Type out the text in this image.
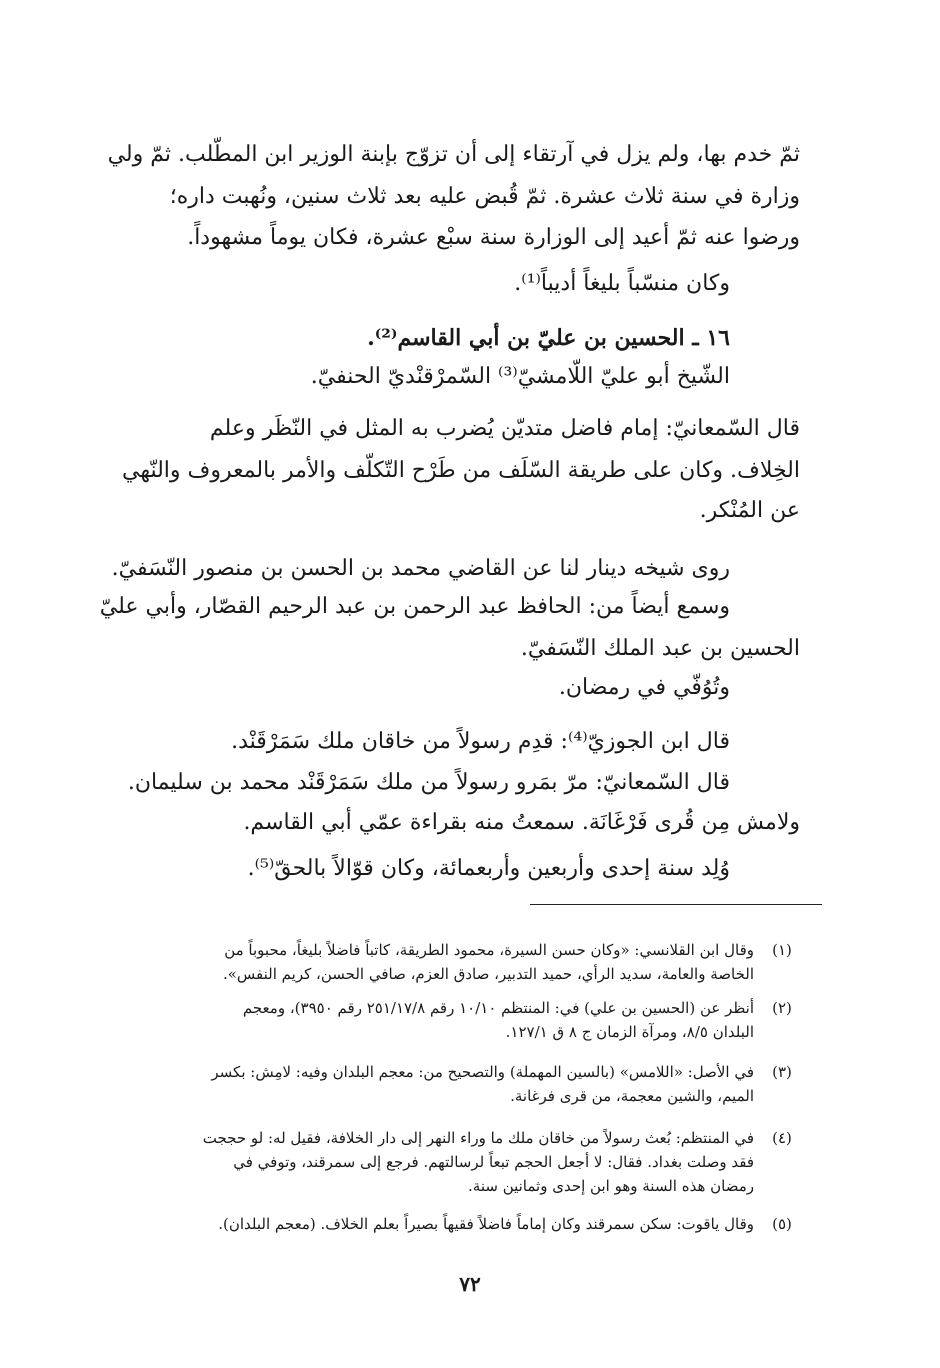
ثمّ خدم بها، ولم يزل في آرتقاء إلى أن تزوّج بإبنة الوزير ابن المطّلب. ثمّ ولي
وزارة في سنة ثلاث عشرة. ثمّ قُبض عليه بعد ثلاث سنين، ونُهبت داره؛
ورضوا عنه ثمّ أعيد إلى الوزارة سنة سبْع عشرة، فكان يوماً مشهوداً.
وكان منسّباً بليغاً أديباً⁽¹⁾.
١٦ ـ الحسين بن عليّ بن أبي القاسم⁽²⁾.
الشّيخ أبو عليّ اللّامشيّ⁽³⁾ السّمرْقنْديّ الحنفيّ.
قال السّمعانيّ: إمام فاضل متديّن يُضرب به المثل في النّظَر وعلم
الخِلاف. وكان على طريقة السّلَف من طَرْح التّكلّف والأمر بالمعروف والنّهي
عن المُنْكر.
روى شيخه دينار لنا عن القاضي محمد بن الحسن بن منصور النّسَفيّ.
وسمع أيضاً من: الحافظ عبد الرحمن بن عبد الرحيم القصّار، وأبي عليّ
الحسين بن عبد الملك النّسَفيّ.
وتُوُفّي في رمضان.
قال ابن الجوزيّ⁽⁴⁾: قدِم رسولاً من خاقان ملك سَمَرْقَنْد.
قال السّمعانيّ: مرّ بمَرو رسولاً من ملك سَمَرْقَنْد محمد بن سليمان.
ولامش مِن قُرى فَرْغَانَة. سمعتُ منه بقراءة عمّي أبي القاسم.
وُلِد سنة إحدى وأربعين وأربعمائة، وكان قوّالاً بالحقّ⁽⁵⁾.
(١)
وقال ابن القلانسي: «وكان حسن السيرة، محمود الطريقة، كاتباً فاضلاً بليغاً، محبوباً من
الخاصة والعامة، سديد الرأي، حميد التدبير، صادق العزم، صافي الحسن، كريم النفس».
(٢)
أنظر عن (الحسين بن علي) في: المنتظم ١٠/١٠ رقم ٢٥١/١٧/٨ رقم ٣٩٥٠)، ومعجم
البلدان ٨/٥، ومرآة الزمان ج ٨ ق ١٢٧/١.
(٣)
في الأصل: «اللامس» (بالسين المهملة) والتصحيح من: معجم البلدان وفيه: لامِش: بكسر
الميم، والشين معجمة، من قرى فرغانة.
(٤)
في المنتظم: بُعث رسولاً من خاقان ملك ما وراء النهر إلى دار الخلافة، فقيل له: لو حججت
فقد وصلت بغداد. فقال: لا أجعل الحجم تبعاً لرسالتهم. فرجع إلى سمرقند، وتوفي في
رمضان هذه السنة وهو ابن إحدى وثمانين سنة.
(٥)
وقال ياقوت: سكن سمرقند وكان إماماً فاضلاً فقيهاً بصيراً بعلم الخلاف. (معجم البلدان).
٧٢
